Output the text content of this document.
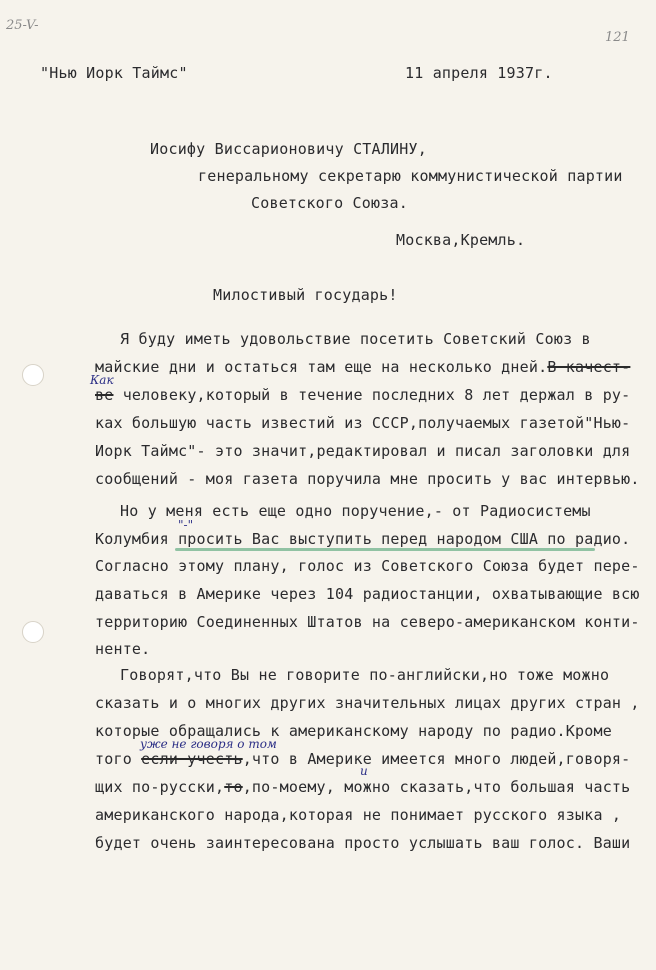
25-V-
121
"Нью Иорк Таймс"	11 апреля 1937г.
Иосифу Виссарионовичу СТАЛИНУ,
генеральному секретарю коммунистической партии
Советского Союза.
Москва,Кремль.
Милостивый государь!
Я буду иметь удовольствие посетить Советский Союз в
майские дни и остаться там еще на несколько дней.В качест-
Как
ве человеку,который в течение последних 8 лет держал в ру-
ках большую часть известий из СССР,получаемых газетой"Нью-
Иорк Таймс"- это значит,редактировал и писал заголовки для
сообщений - моя газета поручила мне просить у вас интервью.
Но у меня есть еще одно поручение,- от Радиосистемы
"-"
Колумбия просить Вас выступить перед народом США по радио.
Согласно этому плану, голос из Советского Союза будет пере-
даваться в Америке через 104 радиостанции, охватывающие всю
территорию Соединенных Штатов на северо-американском конти-
ненте.
Говорят,что Вы не говорите по-английски,но тоже можно
сказать и о многих других значительных лицах других стран ,
которые обращались к американскому народу по радио.Кроме
уже не говоря о том
того если учесть,что в Америке имеется много людей,говоря-
и
щих по-русски,то,по-моему, можно сказать,что большая часть
американского народа,которая не понимает русского языка ,
будет очень заинтересована просто услышать ваш голос. Ваши
